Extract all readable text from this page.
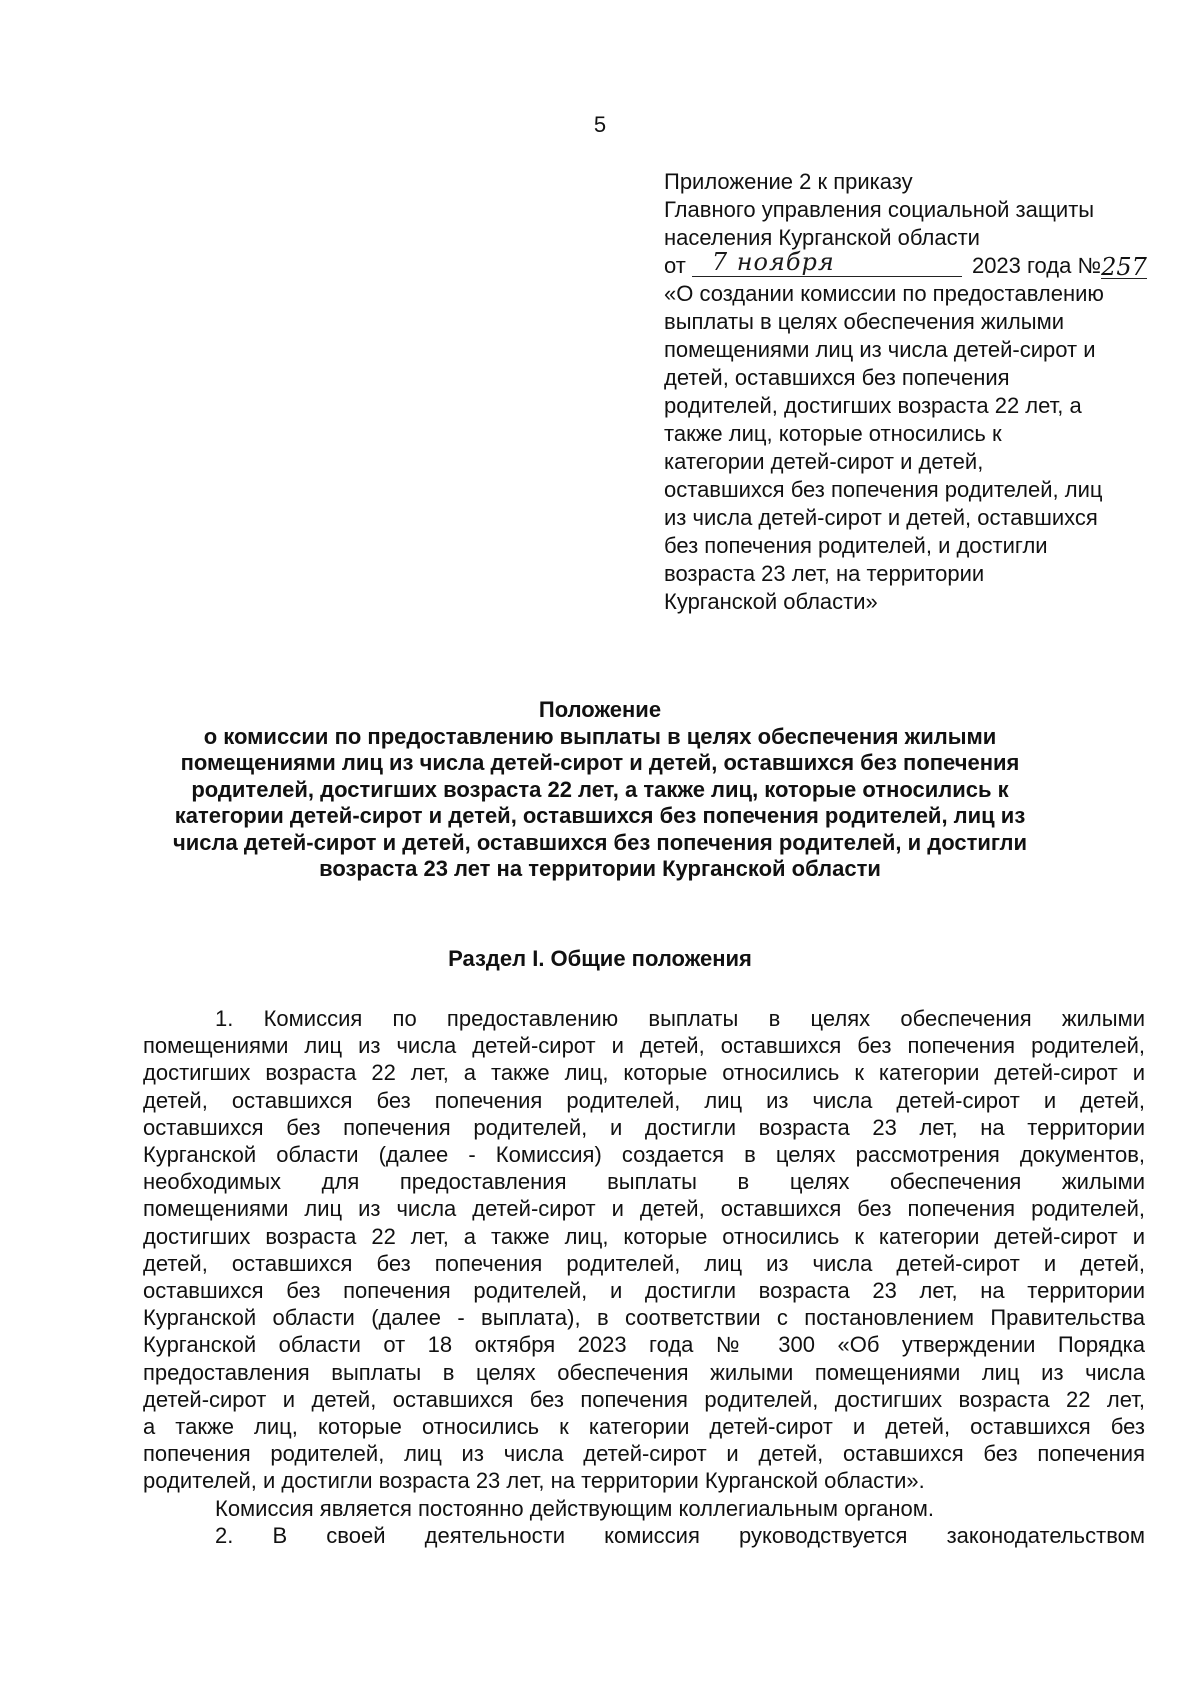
5
Приложение 2 к приказу
Главного управления социальной защиты
населения Курганской области
от 7 ноября	2023 года №257
«О создании комиссии по предоставлению
выплаты в целях обеспечения жилыми
помещениями лиц из числа детей-сирот и
детей, оставшихся без попечения
родителей, достигших возраста 22 лет, а
также лиц, которые относились к
категории детей-сирот и детей,
оставшихся без попечения родителей, лиц
из числа детей-сирот и детей, оставшихся
без попечения родителей, и достигли
возраста 23 лет, на территории
Курганской области»
Положение
о комиссии по предоставлению выплаты в целях обеспечения жилыми
помещениями лиц из числа детей-сирот и детей, оставшихся без попечения
родителей, достигших возраста 22 лет, а также лиц, которые относились к
категории детей-сирот и детей, оставшихся без попечения родителей, лиц из
числа детей-сирот и детей, оставшихся без попечения родителей, и достигли
возраста 23 лет на территории Курганской области
Раздел I. Общие положения
1. Комиссия по предоставлению выплаты в целях обеспечения жилыми
помещениями лиц из числа детей-сирот и детей, оставшихся без попечения родителей,
достигших возраста 22 лет, а также лиц, которые относились к категории детей-сирот и
детей, оставшихся без попечения родителей, лиц из числа детей-сирот и детей,
оставшихся без попечения родителей, и достигли возраста 23 лет, на территории
Курганской области (далее - Комиссия) создается в целях рассмотрения документов,
необходимых для предоставления выплаты в целях обеспечения жилыми
помещениями лиц из числа детей-сирот и детей, оставшихся без попечения родителей,
достигших возраста 22 лет, а также лиц, которые относились к категории детей-сирот и
детей, оставшихся без попечения родителей, лиц из числа детей-сирот и детей,
оставшихся без попечения родителей, и достигли возраста 23 лет, на территории
Курганской области (далее - выплата), в соответствии с постановлением Правительства
Курганской области от 18 октября 2023 года № 300 «Об утверждении Порядка
предоставления выплаты в целях обеспечения жилыми помещениями лиц из числа
детей-сирот и детей, оставшихся без попечения родителей, достигших возраста 22 лет,
а также лиц, которые относились к категории детей-сирот и детей, оставшихся без
попечения родителей, лиц из числа детей-сирот и детей, оставшихся без попечения
родителей, и достигли возраста 23 лет, на территории Курганской области».
Комиссия является постоянно действующим коллегиальным органом.
2. В своей деятельности комиссия руководствуется законодательством
